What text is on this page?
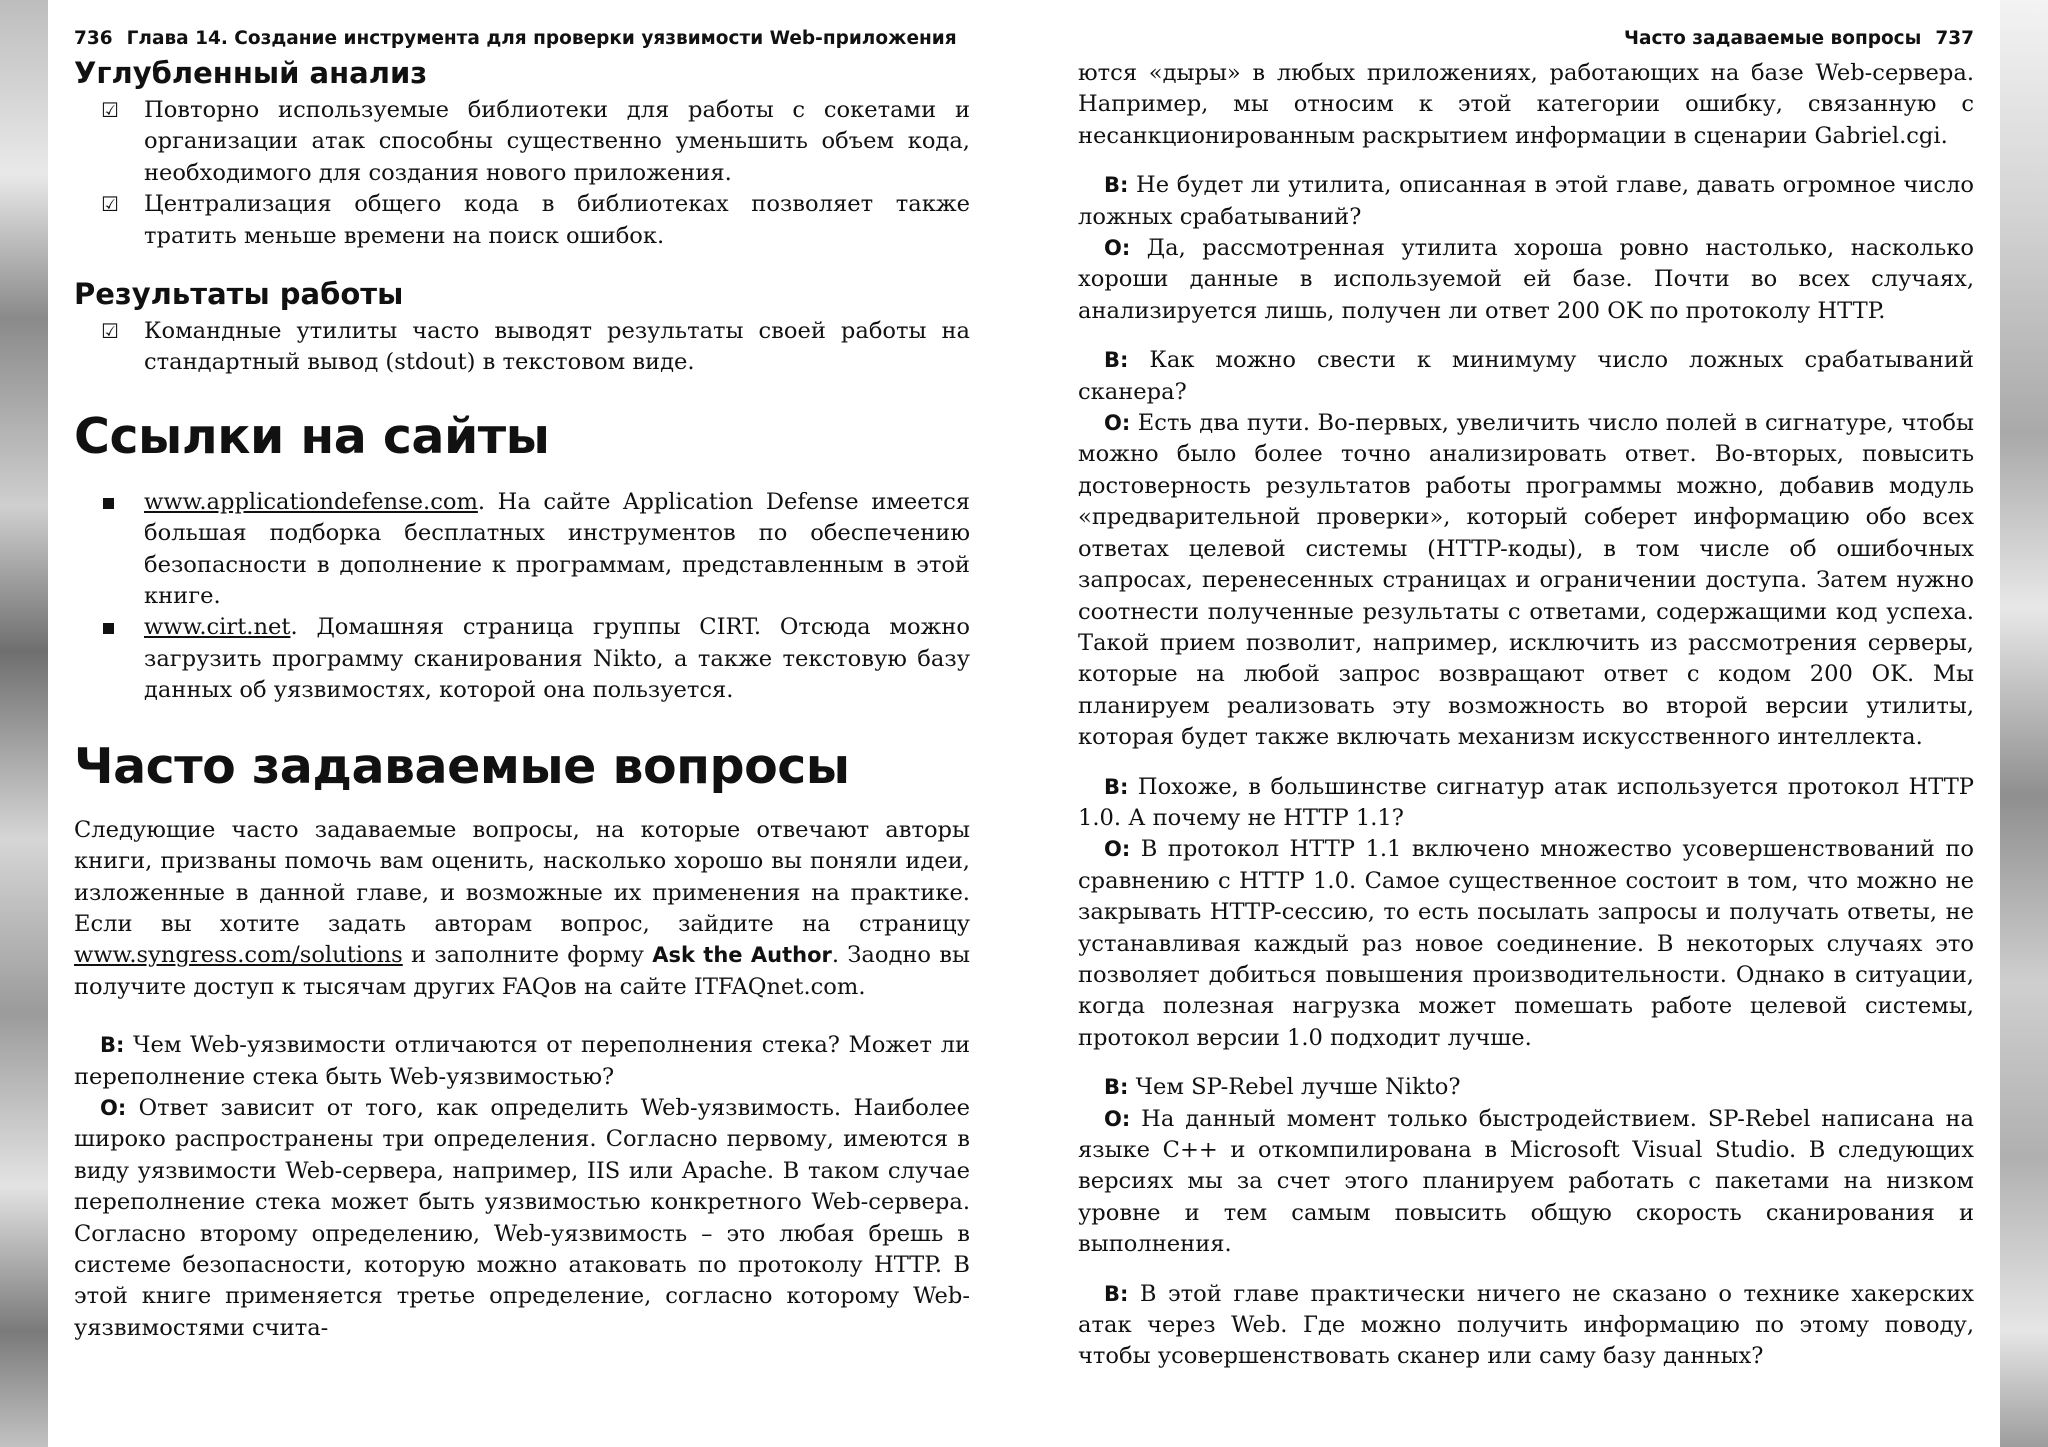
736 Глава 14. Создание инструмента для проверки уязвимости Web-приложения
Углубленный анализ
☑ Повторно используемые библиотеки для работы с сокетами и организации атак способны существенно уменьшить объем кода, необходимого для создания нового приложения.
☑ Централизация общего кода в библиотеках позволяет также тратить меньше времени на поиск ошибок.
Результаты работы
☑ Командные утилиты часто выводят результаты своей работы на стандартный вывод (stdout) в текстовом виде.
Ссылки на сайты
www.applicationdefense.com. На сайте Application Defense имеется большая подборка бесплатных инструментов по обеспечению безопасности в дополнение к программам, представленным в этой книге.
www.cirt.net. Домашняя страница группы CIRT. Отсюда можно загрузить программу сканирования Nikto, а также текстовую базу данных об уязвимостях, которой она пользуется.
Часто задаваемые вопросы

Следующие часто задаваемые вопросы, на которые отвечают авторы книги, призваны помочь вам оценить, насколько хорошо вы поняли идеи, изложенные в данной главе, и возможные их применения на практике. Если вы хотите задать авторам вопрос, зайдите на страницу www.syngress.com/solutions и заполните форму Ask the Author. Заодно вы получите доступ к тысячам других FAQов на сайте ITFAQnet.com.

В: Чем Web-уязвимости отличаются от переполнения стека? Может ли переполнение стека быть Web-уязвимостью?

О: Ответ зависит от того, как определить Web-уязвимость. Наиболее широко распространены три определения. Согласно первому, имеются в виду уязвимости Web-сервера, например, IIS или Apache. В таком случае переполнение стека может быть уязвимостью конкретного Web-сервера. Согласно второму определению, Web-уязвимость – это любая брешь в системе безопасности, которую можно атаковать по протоколу HTTP. В этой книге применяется третье определение, согласно которому Web-уязвимостями счита-

Часто задаваемые вопросы 737

ются «дыры» в любых приложениях, работающих на базе Web-сервера. Например, мы относим к этой категории ошибку, связанную с несанкционированным раскрытием информации в сценарии Gabriel.cgi.

В: Не будет ли утилита, описанная в этой главе, давать огромное число ложных срабатываний?

О: Да, рассмотренная утилита хороша ровно настолько, насколько хороши данные в используемой ей базе. Почти во всех случаях, анализируется лишь, получен ли ответ 200 OK по протоколу HTTP.

В: Как можно свести к минимуму число ложных срабатываний сканера?

О: Есть два пути. Во-первых, увеличить число полей в сигнатуре, чтобы можно было более точно анализировать ответ. Во-вторых, повысить достоверность результатов работы программы можно, добавив модуль «предварительной проверки», который соберет информацию обо всех ответах целевой системы (HTTP-коды), в том числе об ошибочных запросах, перенесенных страницах и ограничении доступа. Затем нужно соотнести полученные результаты с ответами, содержащими код успеха. Такой прием позволит, например, исключить из рассмотрения серверы, которые на любой запрос возвращают ответ с кодом 200 OK. Мы планируем реализовать эту возможность во второй версии утилиты, которая будет также включать механизм искусственного интеллекта.

В: Похоже, в большинстве сигнатур атак используется протокол HTTP 1.0. А почему не HTTP 1.1?

О: В протокол HTTP 1.1 включено множество усовершенствований по сравнению с HTTP 1.0. Самое существенное состоит в том, что можно не закрывать HTTP-сессию, то есть посылать запросы и получать ответы, не устанавливая каждый раз новое соединение. В некоторых случаях это позволяет добиться повышения производительности. Однако в ситуации, когда полезная нагрузка может помешать работе целевой системы, протокол версии 1.0 подходит лучше.

В: Чем SP-Rebel лучше Nikto?

О: На данный момент только быстродействием. SP-Rebel написана на языке C++ и откомпилирована в Microsoft Visual Studio. В следующих версиях мы за счет этого планируем работать с пакетами на низком уровне и тем самым повысить общую скорость сканирования и выполнения.

В: В этой главе практически ничего не сказано о технике хакерских атак через Web. Где можно получить информацию по этому поводу, чтобы усовершенствовать сканер или саму базу данных?
